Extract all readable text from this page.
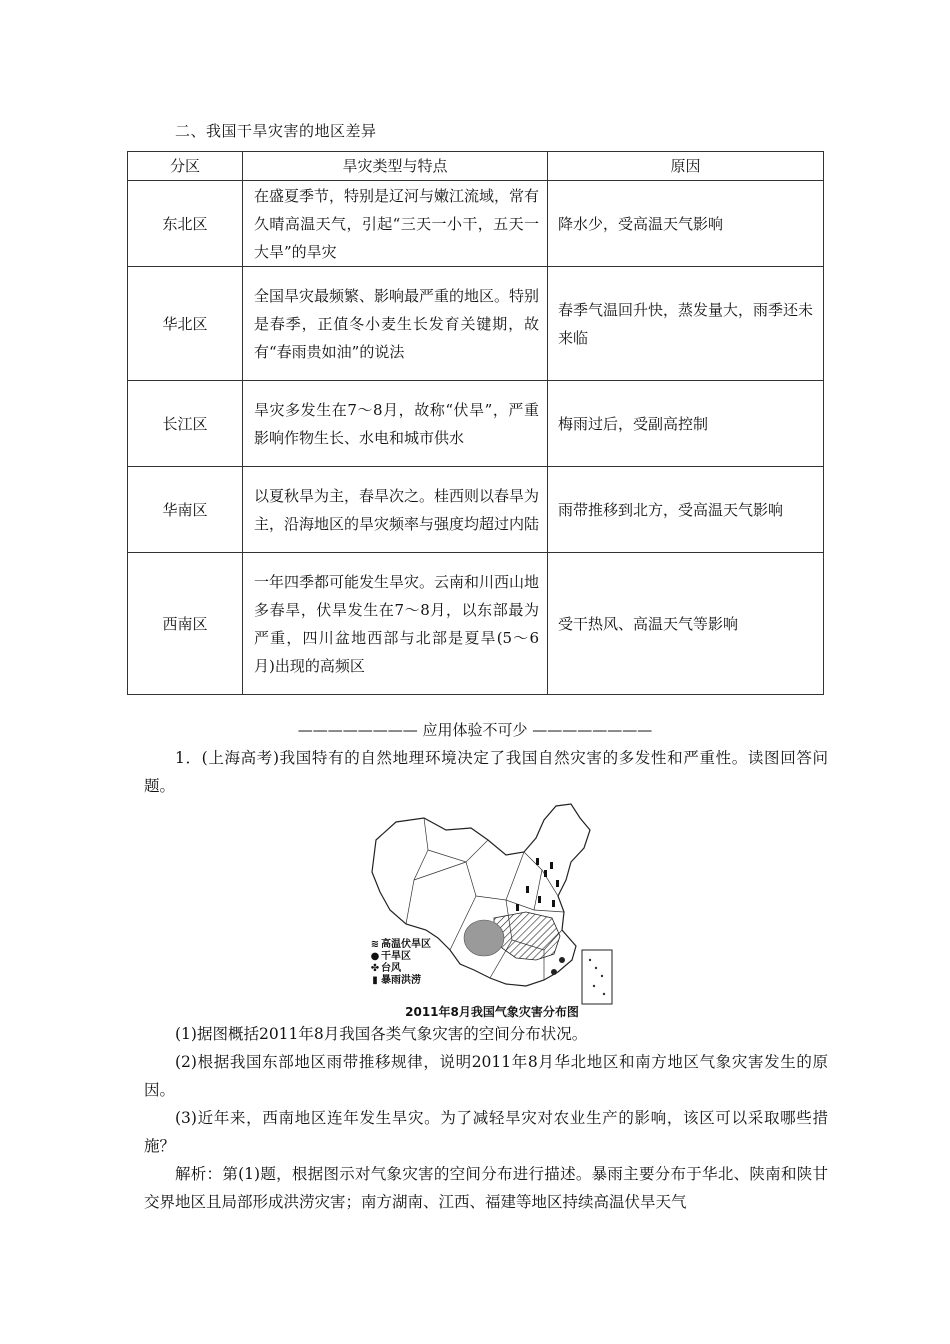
二、我国干旱灾害的地区差异
分区	旱灾类型与特点	原因
东北区	在盛夏季节，特别是辽河与嫩江流域，常有久晴高温天气，引起“三天一小干，五天一大旱”的旱灾	降水少，受高温天气影响
华北区	全国旱灾最频繁、影响最严重的地区。特别是春季，正值冬小麦生长发育关键期，故有“春雨贵如油”的说法	春季气温回升快，蒸发量大，雨季还未来临
长江区	旱灾多发生在7～8月，故称“伏旱”，严重影响作物生长、水电和城市供水	梅雨过后，受副高控制
华南区	以夏秋旱为主，春旱次之。桂西则以春旱为主，沿海地区的旱灾频率与强度均超过内陆	雨带推移到北方，受高温天气影响
西南区	一年四季都可能发生旱灾。云南和川西山地多春旱，伏旱发生在7～8月，以东部最为严重，四川盆地西部与北部是夏旱(5～6月)出现的高频区	受干热风、高温天气等影响
———————— 应用体验不可少 ————————
1．(上海高考)我国特有的自然地理环境决定了我国自然灾害的多发性和严重性。读图回答问题。
≋ 高温伏旱区
● 干旱区
✤ 台风
▮ 暴雨洪涝
2011年8月我国气象灾害分布图
(1)据图概括2011年8月我国各类气象灾害的空间分布状况。
(2)根据我国东部地区雨带推移规律，说明2011年8月华北地区和南方地区气象灾害发生的原因。
(3)近年来，西南地区连年发生旱灾。为了减轻旱灾对农业生产的影响，该区可以采取哪些措施？
解析：第(1)题，根据图示对气象灾害的空间分布进行描述。暴雨主要分布于华北、陕南和陕甘交界地区且局部形成洪涝灾害；南方湖南、江西、福建等地区持续高温伏旱天气
